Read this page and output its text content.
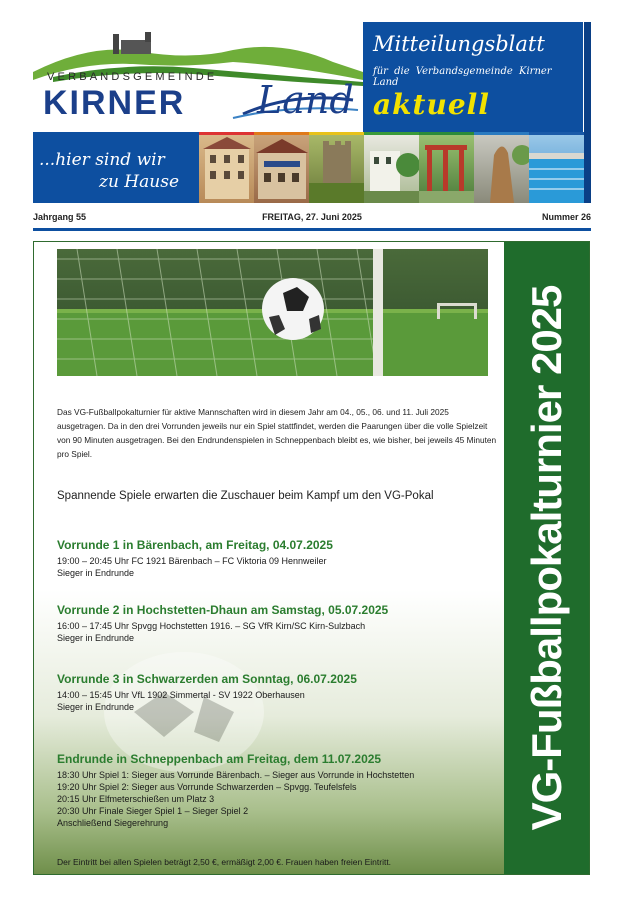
VERBANDSGEMEINDE
KIRNER Land
Mitteilungsblatt
für die Verbandsgemeinde Kirner Land
aktuell
...hier sind wir
zu Hause
Jahrgang 55	FREITAG, 27. Juni 2025	Nummer 26
Das VG-Fußballpokalturnier für aktive Mannschaften wird in diesem Jahr am 04., 05., 06. und 11. Juli 2025 ausgetragen. Da in den drei Vorrunden jeweils nur ein Spiel stattfindet, werden die Paarungen über die volle Spielzeit von 90 Minuten ausgetragen. Bei den Endrundenspielen in Schneppenbach bleibt es, wie bisher, bei jeweils 45 Minuten pro Spiel.
Spannende Spiele erwarten die Zuschauer beim Kampf um den VG-Pokal
Vorrunde 1 in Bärenbach, am Freitag, 04.07.2025

19:00 – 20:45 Uhr FC 1921 Bärenbach – FC Viktoria 09 Hennweiler
Sieger in Endrunde

Vorrunde 2 in Hochstetten-Dhaun am Samstag, 05.07.2025

16:00 – 17:45 Uhr Spvgg Hochstetten 1916. – SG VfR Kirn/SC Kirn-Sulzbach
Sieger in Endrunde

Vorrunde 3 in Schwarzerden am Sonntag, 06.07.2025

14:00 – 15:45 Uhr VfL 1902 Simmertal - SV 1922 Oberhausen
Sieger in Endrunde

Endrunde in Schneppenbach am Freitag, dem 11.07.2025

18:30 Uhr Spiel 1: Sieger aus Vorrunde Bärenbach. – Sieger aus Vorrunde in Hochstetten
19:20 Uhr Spiel 2: Sieger aus Vorrunde Schwarzerden – Spvgg. Teufelsfels
20:15 Uhr Elfmeterschießen um Platz 3
20:30 Uhr Finale Sieger Spiel 1 – Sieger Spiel 2
Anschließend Siegerehrung

Der Eintritt bei allen Spielen beträgt 2,50 €, ermäßigt 2,00 €. Frauen haben freien Eintritt.
VG-Fußballpokalturnier 2025
